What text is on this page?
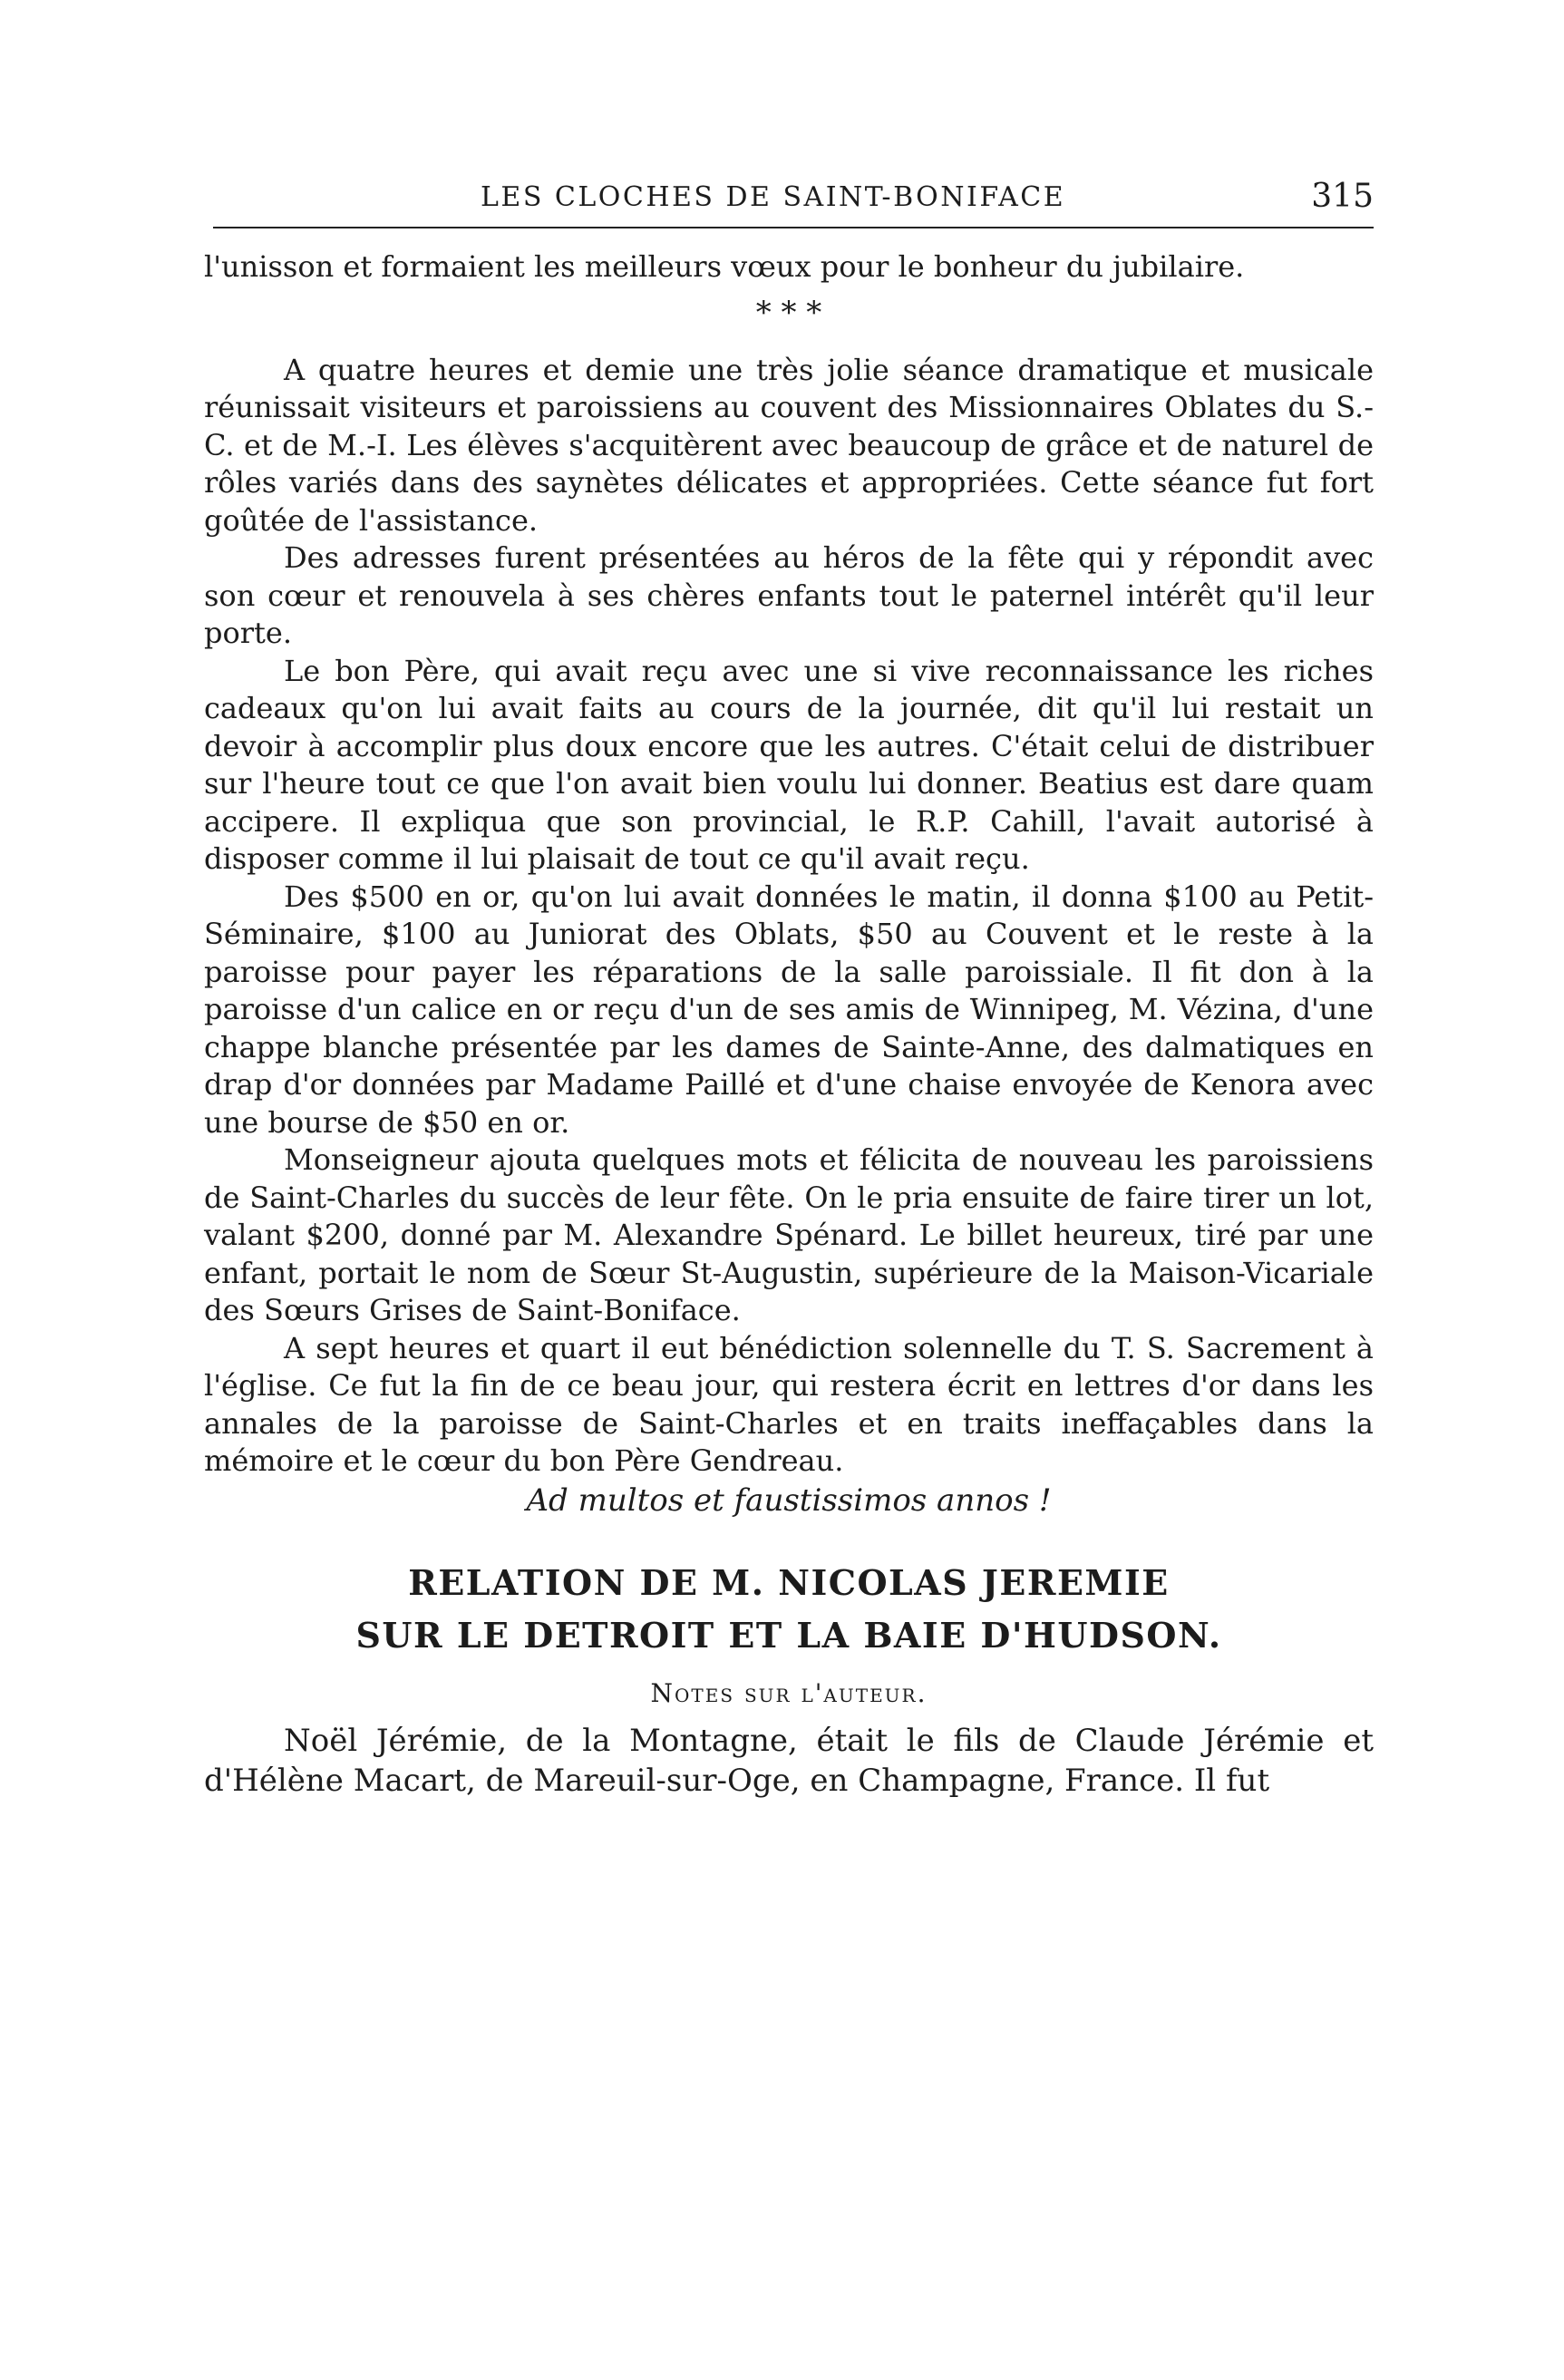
LES CLOCHES DE SAINT-BONIFACE	315

l'unisson et formaient les meilleurs vœux pour le bonheur du jubilaire.

* * *

A quatre heures et demie une très jolie séance dramatique et musicale réunissait visiteurs et paroissiens au couvent des Missionnaires Oblates du S.-C. et de M.-I. Les élèves s'acquitèrent avec beaucoup de grâce et de naturel de rôles variés dans des saynètes délicates et appropriées. Cette séance fut fort goûtée de l'assistance.

Des adresses furent présentées au héros de la fête qui y répondit avec son cœur et renouvela à ses chères enfants tout le paternel intérêt qu'il leur porte.

Le bon Père, qui avait reçu avec une si vive reconnaissance les riches cadeaux qu'on lui avait faits au cours de la journée, dit qu'il lui restait un devoir à accomplir plus doux encore que les autres. C'était celui de distribuer sur l'heure tout ce que l'on avait bien voulu lui donner. Beatius est dare quam accipere. Il expliqua que son provincial, le R.P. Cahill, l'avait autorisé à disposer comme il lui plaisait de tout ce qu'il avait reçu.

Des $500 en or, qu'on lui avait données le matin, il donna $100 au Petit-Séminaire, $100 au Juniorat des Oblats, $50 au Couvent et le reste à la paroisse pour payer les réparations de la salle paroissiale. Il fit don à la paroisse d'un calice en or reçu d'un de ses amis de Winnipeg, M. Vézina, d'une chappe blanche présentée par les dames de Sainte-Anne, des dalmatiques en drap d'or données par Madame Paillé et d'une chaise envoyée de Kenora avec une bourse de $50 en or.

Monseigneur ajouta quelques mots et félicita de nouveau les paroissiens de Saint-Charles du succès de leur fête. On le pria ensuite de faire tirer un lot, valant $200, donné par M. Alexandre Spénard. Le billet heureux, tiré par une enfant, portait le nom de Sœur St-Augustin, supérieure de la Maison-Vicariale des Sœurs Grises de Saint-Boniface.

A sept heures et quart il eut bénédiction solennelle du T. S. Sacrement à l'église. Ce fut la fin de ce beau jour, qui restera écrit en lettres d'or dans les annales de la paroisse de Saint-Charles et en traits ineffaçables dans la mémoire et le cœur du bon Père Gendreau.

Ad multos et faustissimos annos !

RELATION DE M. NICOLAS JEREMIE
SUR LE DETROIT ET LA BAIE D'HUDSON.
Notes sur l'auteur.

Noël Jérémie, de la Montagne, était le fils de Claude Jérémie et d'Hélène Macart, de Mareuil-sur-Oge, en Champagne, France. Il fut
